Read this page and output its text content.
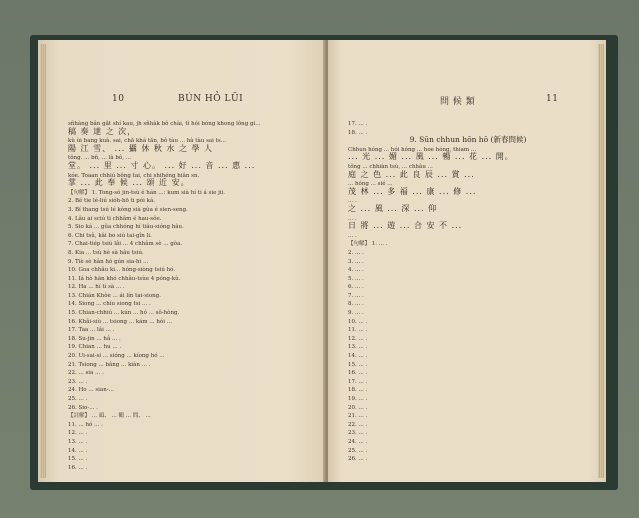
10	BÚN HỎ LŨI
sñhàng bân găt shí kau, jh sñhàk bô chài, tì hói bóng khong lông gi...
稿 奏 達 之 次，
kù ùi bang kuà. sai, chă khá tăn, bô tàu ... hà tàu sai ts...
陽 江 雪、 ... 攝 休 秋 水 之 學 人
tông. ... bñ, ... là bô, ...
堂。 ... 里 ... 寸 心。 ... 好 ... 音 ... 惠 ...
kóe. Toaan chhiú bông tai, chi shihéng hiân sn.
掌 ... 此 奉 候 ... 頌 近 安。
【句解】 1. Tong-só jin-tsù é hán ...: kum sià hí ti á sie jii.
2. Bé tie lé-liú sióh-hō ti pói ká.
3. Bí thang tsú lé kóng sià gûa é sien-seng.
4. Lâu ai sciú ti chhâm é hau-sôe.
5. Sio ká ... gûa chhóng hí tiâu-sióng hâu.
6. Chi tsû, kâi bo siú tai-gîn li.
7. Chai-tiép tsiú lâi ... 4 chhâm sè ... gòa.
8. Kia ... tsù hé sà hâu tsiú.
9. Tiè sè hân hó gún sia-hi ...
10. Goa chhâu ki... hóng-siòng tsiú hó.
11. Iá hò hán khó chhâu-tsùe 4 póng-kù.
12. Ha ... hí tí sà ... .
13. Chián Khòe ... ái lín tai-siong.
14. Siong ... chíu siong tsi ... .
15. Chian-chhiú ... kún ... hó ... sô-hòng.
16. Khâi-siù ... tsiong ... kám ... hói ...
17. Taa ... lâi ... .
18. Su-jin ... hâ ... .
19. Chian ... hu ... .
20. Ui-sai-si ... sióng ... kíong hó ...
21. Tsiong ... bâng ... kiàn ... .
22. ... sia ... .
23. ... .
24. Ho ... sian-...
25. ... .
26. Sio-... .
【註解】 ... 頭、 ... 鶴 ... 問、 ...
11. ... hó ... .
12. ... .
13. ... .
14. ... .
15. ... .
16. ... .
問 候 類	11
17. ... .
18. ... .
9. Sūn chhun hōn hō (新春問候)
Chhun hóng ... hói hóng ... hoe hóng, thiam ...
... 光 ... 媚 ... 風 ... 暢 ... 花 ... 開。
tông ... chhiàn tsù, ... chhâu ...
庭 之 色 ... 此 良 辰 ... 賞 ...
... hóng ... sié ...
茂 林 ... 多 福 ... 康 ... 修 ...
... .
之 ... 風 ... 深 ... 仰
... .
日 將 ... 遊 ... 合 安 不 ...
... .
【句解】 1. ... .
2. ... .
3. ... .
4. ... .
5. ... .
6. ... .
7. ... .
8. ... .
9. ... .
10. ... .
11. ... .
12. ... .
13. ... .
14. ... .
15. ... .
16. ... .
17. ... .
18. ... .
19. ... .
20. ... .
21. ... .
22. ... .
23. ... .
24. ... .
25. ... .
26. ... .
